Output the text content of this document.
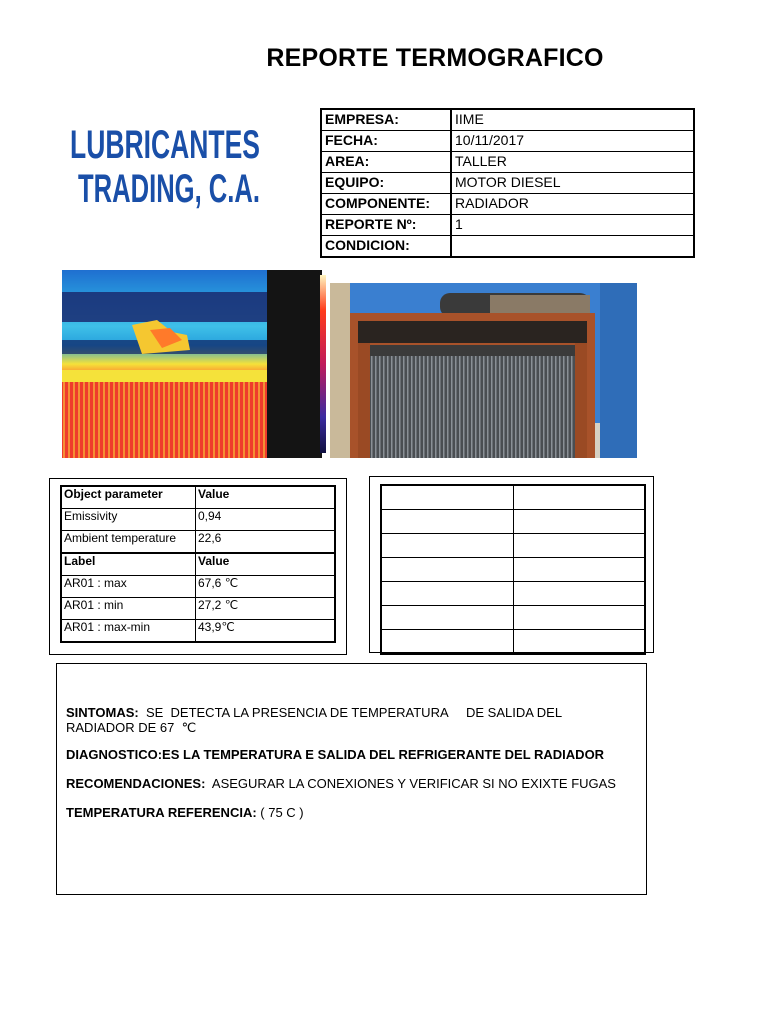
REPORTE TERMOGRAFICO
LUBRICANTES
TRADING, C.A.
EMPRESA:	IIME
FECHA:	10/11/2017
AREA:	TALLER
EQUIPO:	MOTOR DIESEL
COMPONENTE:	RADIADOR
REPORTE Nº:	1
CONDICION:	
Object parameter	Value
Emissivity	0,94
Ambient temperature	22,6
Label	Value
AR01 : max	67,6 ℃
AR01 : min	27,2 ℃
AR01 : max-min	43,9℃

SINTOMAS:  SE  DETECTA LA PRESENCIA DE TEMPERATURA     DE SALIDA DEL RADIADOR DE 67  ℃

DIAGNOSTICO:ES LA TEMPERATURA E SALIDA DEL REFRIGERANTE DEL RADIADOR

RECOMENDACIONES:  ASEGURAR LA CONEXIONES Y VERIFICAR SI NO EXIXTE FUGAS

TEMPERATURA REFERENCIA: ( 75 C )
